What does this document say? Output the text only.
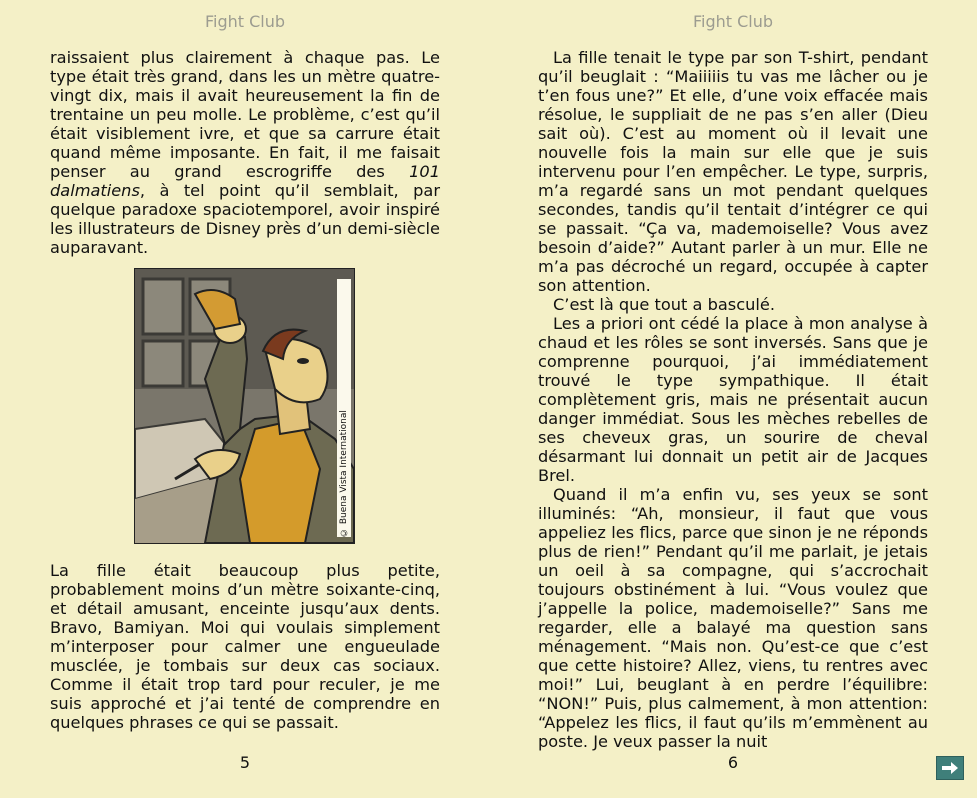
Fight Club

raissaient plus clairement à chaque pas. Le type était très grand, dans les un mètre quatre-vingt dix, mais il avait heureusement la fin de trentaine un peu molle. Le problème, c’est qu’il était visiblement ivre, et que sa carrure était quand même imposante. En fait, il me faisait penser au grand escrogriffe des 101 dalmatiens, à tel point qu’il semblait, par quelque paradoxe spaciotemporel, avoir inspiré les illustrateurs de Disney près d’un demi-siècle auparavant.

© Buena Vista International

La fille était beaucoup plus petite, probablement moins d’un mètre soixante-cinq, et détail amusant, enceinte jusqu’aux dents. Bravo, Bamiyan. Moi qui voulais simplement m’interposer pour calmer une engueulade musclée, je tombais sur deux cas sociaux. Comme il était trop tard pour reculer, je me suis approché et j’ai tenté de comprendre en quelques phrases ce qui se passait.

5
Fight Club

La fille tenait le type par son T-shirt, pendant qu’il beuglait : “Maiiiiis tu vas me lâcher ou je t’en fous une?” Et elle, d’une voix effacée mais résolue, le suppliait de ne pas s’en aller (Dieu sait où). C’est au moment où il levait une nouvelle fois la main sur elle que je suis intervenu pour l’en empêcher. Le type, surpris, m’a regardé sans un mot pendant quelques secondes, tandis qu’il tentait d’intégrer ce qui se passait. “Ça va, mademoiselle? Vous avez besoin d’aide?” Autant parler à un mur. Elle ne m’a pas décroché un regard, occupée à capter son attention.

C’est là que tout a basculé.

Les a priori ont cédé la place à mon analyse à chaud et les rôles se sont inversés. Sans que je comprenne pourquoi, j’ai immédiatement trouvé le type sympathique. Il était complètement gris, mais ne présentait aucun danger immédiat. Sous les mèches rebelles de ses cheveux gras, un sourire de cheval désarmant lui donnait un petit air de Jacques Brel.

Quand il m’a enfin vu, ses yeux se sont illuminés: “Ah, monsieur, il faut que vous appeliez les flics, parce que sinon je ne réponds plus de rien!” Pendant qu’il me parlait, je jetais un oeil à sa compagne, qui s’accrochait toujours obstinément à lui. “Vous voulez que j’appelle la police, mademoiselle?” Sans me regarder, elle a balayé ma question sans ménagement. “Mais non. Qu’est-ce que c’est que cette histoire? Allez, viens, tu rentres avec moi!” Lui, beuglant à en perdre l’équilibre: “NON!” Puis, plus calmement, à mon attention: “Appelez les flics, il faut qu’ils m’emmènent au poste. Je veux passer la nuit

6
